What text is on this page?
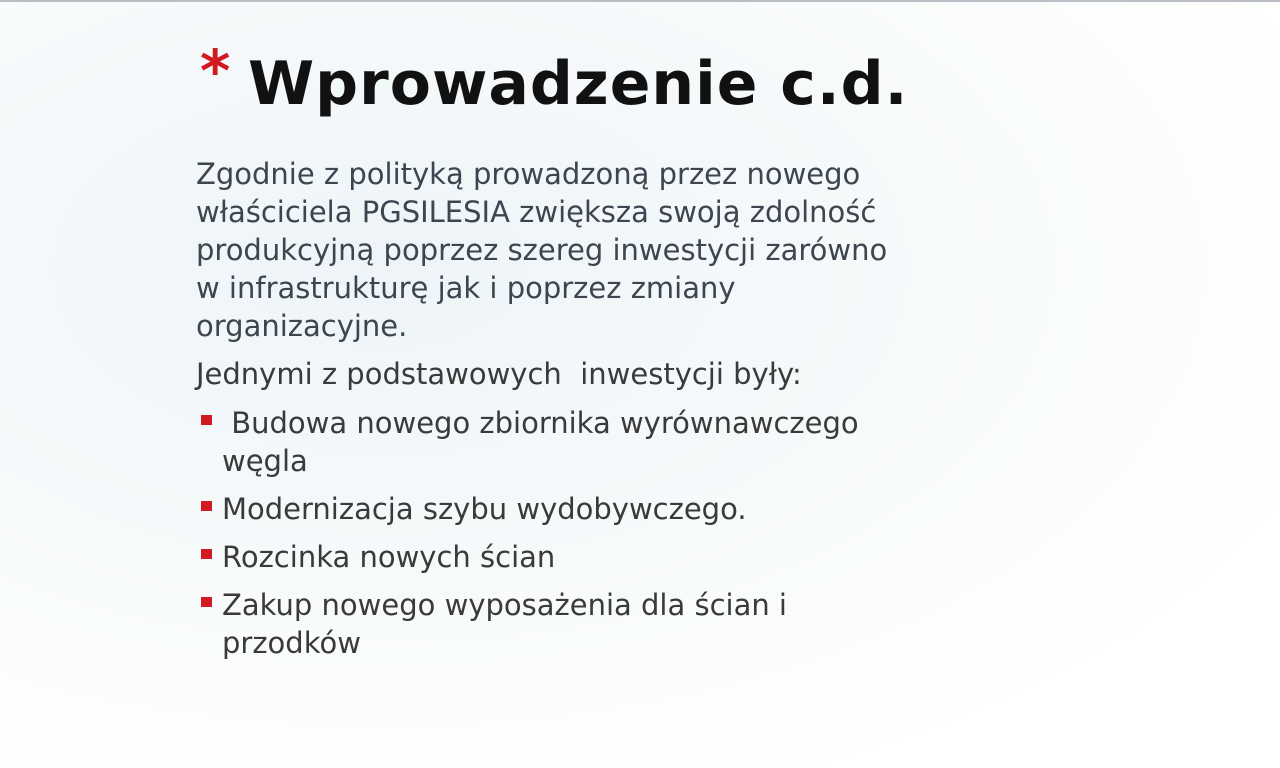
* Wprowadzenie c.d.

Zgodnie z polityką prowadzoną przez nowego
właściciela PGSILESIA zwiększa swoją zdolność
produkcyjną poprzez szereg inwestycji zarówno
w infrastrukturę jak i poprzez zmiany
organizacyjne.

Jednymi z podstawowych  inwestycji były:
Budowa nowego zbiornika wyrównawczego
węgla
Modernizacja szybu wydobywczego.
Rozcinka nowych ścian
Zakup nowego wyposażenia dla ścian i
przodków
